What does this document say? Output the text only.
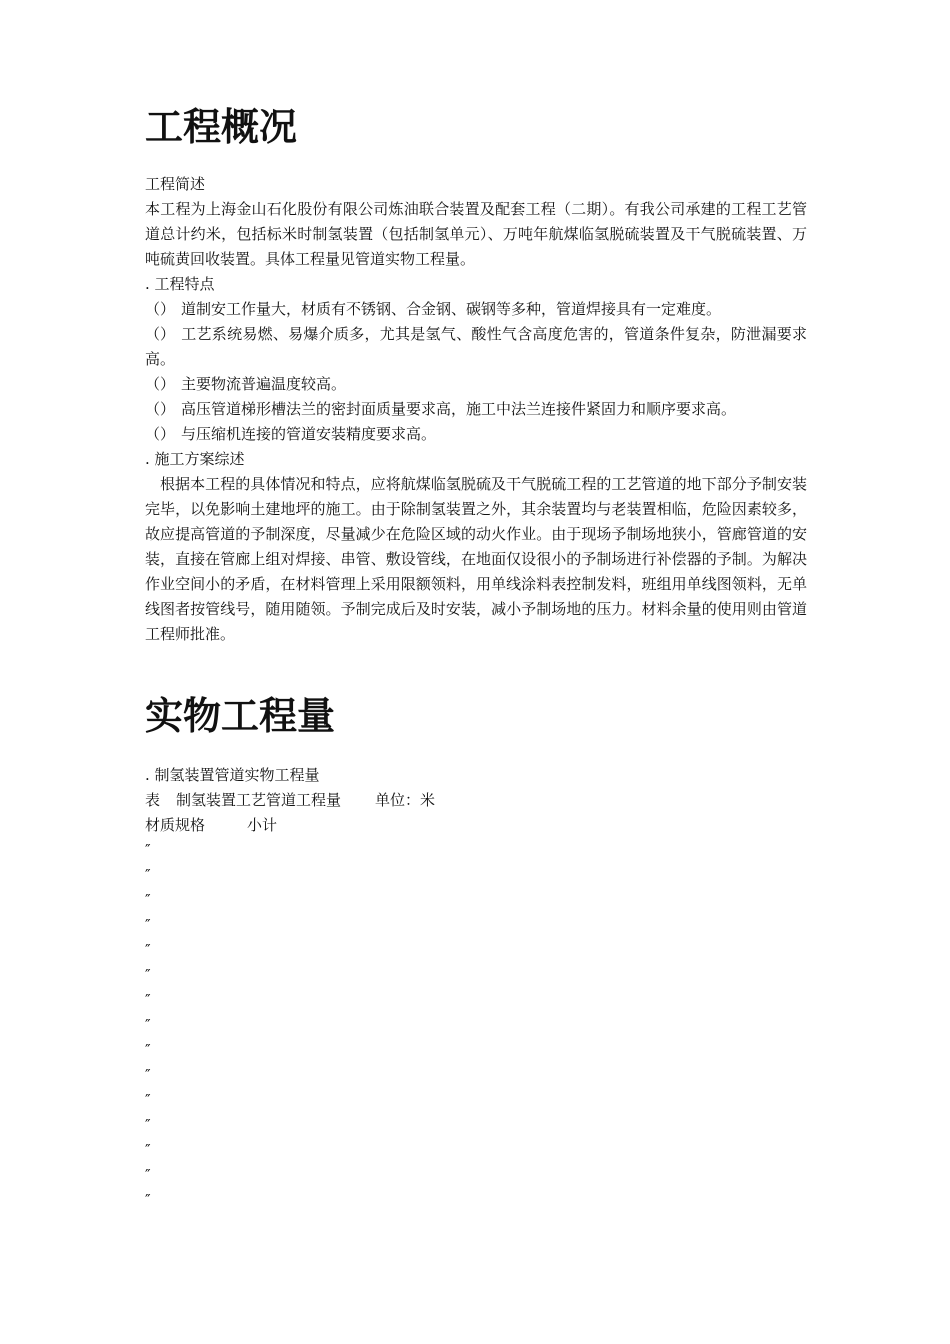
工程概况

工程简述

本工程为上海金山石化股份有限公司炼油联合装置及配套工程（二期）。有我公司承建的工程工艺管道总计约米，包括标米时制氢装置（包括制氢单元）、万吨年航煤临氢脱硫装置及干气脱硫装置、万吨硫黄回收装置。具体工程量见管道实物工程量。

. 工程特点

（） 道制安工作量大，材质有不锈钢、合金钢、碳钢等多种，管道焊接具有一定难度。

（） 工艺系统易燃、易爆介质多，尤其是氢气、酸性气含高度危害的，管道条件复杂，防泄漏要求高。

（） 主要物流普遍温度较高。

（） 高压管道梯形槽法兰的密封面质量要求高，施工中法兰连接件紧固力和顺序要求高。

（） 与压缩机连接的管道安装精度要求高。

. 施工方案综述

根据本工程的具体情况和特点，应将航煤临氢脱硫及干气脱硫工程的工艺管道的地下部分予制安装完毕，以免影响土建地坪的施工。由于除制氢装置之外，其余装置均与老装置相临，危险因素较多，故应提高管道的予制深度，尽量减少在危险区域的动火作业。由于现场予制场地狭小，管廊管道的安装，直接在管廊上组对焊接、串管、敷设管线，在地面仅设很小的予制场进行补偿器的予制。为解决作业空间小的矛盾，在材料管理上采用限额领料，用单线涂料表控制发料，班组用单线图领料，无单线图者按管线号，随用随领。予制完成后及时安装，减小予制场地的压力。材料余量的使用则由管道工程师批准。

实物工程量

. 制氢装置管道实物工程量

表 制氢装置工艺管道工程量 单位：米

材质规格	小计

″

″

″

″

″

″

″

″

″

″

″

″

″

″

″
